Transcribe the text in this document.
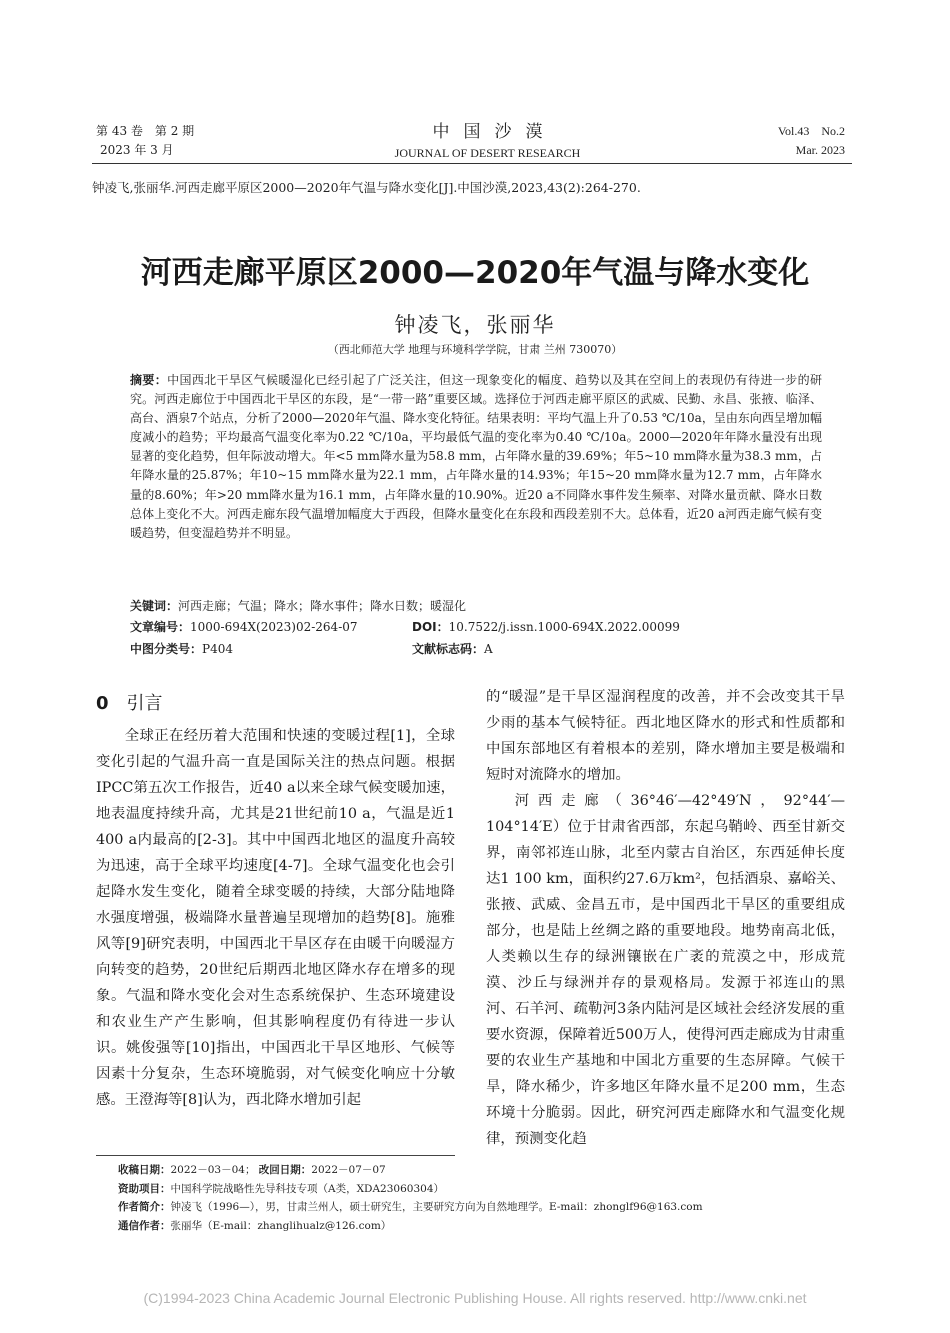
第 43 卷　第 2 期
2023 年 3 月
中国沙漠
JOURNAL OF DESERT RESEARCH
Vol.43　No.2
Mar. 2023
钟凌飞,张丽华.河西走廊平原区2000—2020年气温与降水变化[J].中国沙漠,2023,43(2):264-270.
河西走廊平原区2000—2020年气温与降水变化
钟凌飞，张丽华
（西北师范大学 地理与环境科学学院，甘肃 兰州 730070）
摘要：中国西北干旱区气候暖湿化已经引起了广泛关注，但这一现象变化的幅度、趋势以及其在空间上的表现仍有待进一步的研究。河西走廊位于中国西北干旱区的东段，是“一带一路”重要区域。选择位于河西走廊平原区的武威、民勤、永昌、张掖、临泽、高台、酒泉7个站点，分析了2000—2020年气温、降水变化特征。结果表明：平均气温上升了0.53 ℃/10a，呈由东向西呈增加幅度减小的趋势；平均最高气温变化率为0.22 ℃/10a，平均最低气温的变化率为0.40 ℃/10a。2000—2020年年降水量没有出现显著的变化趋势，但年际波动增大。年<5 mm降水量为58.8 mm，占年降水量的39.69%；年5~10 mm降水量为38.3 mm，占年降水量的25.87%；年10~15 mm降水量为22.1 mm，占年降水量的14.93%；年15~20 mm降水量为12.7 mm，占年降水量的8.60%；年>20 mm降水量为16.1 mm，占年降水量的10.90%。近20 a不同降水事件发生频率、对降水量贡献、降水日数总体上变化不大。河西走廊东段气温增加幅度大于西段，但降水量变化在东段和西段差别不大。总体看，近20 a河西走廊气候有变暖趋势，但变湿趋势并不明显。
关键词：河西走廊；气温；降水；降水事件；降水日数；暖湿化
文章编号：1000-694X(2023)02-264-07	DOI：10.7522/j.issn.1000-694X.2022.00099
中图分类号：P404	文献标志码：A
0 引言

全球正在经历着大范围和快速的变暖过程[1]，全球变化引起的气温升高一直是国际关注的热点问题。根据IPCC第五次工作报告，近40 a以来全球气候变暖加速，地表温度持续升高，尤其是21世纪前10 a，气温是近1 400 a内最高的[2-3]。其中中国西北地区的温度升高较为迅速，高于全球平均速度[4-7]。全球气温变化也会引起降水发生变化，随着全球变暖的持续，大部分陆地降水强度增强，极端降水量普遍呈现增加的趋势[8]。施雅风等[9]研究表明，中国西北干旱区存在由暖干向暖湿方向转变的趋势，20世纪后期西北地区降水存在增多的现象。气温和降水变化会对生态系统保护、生态环境建设和农业生产产生影响，但其影响程度仍有待进一步认识。姚俊强等[10]指出，中国西北干旱区地形、气候等因素十分复杂，生态环境脆弱，对气候变化响应十分敏感。王澄海等[8]认为，西北降水增加引起

的“暖湿”是干旱区湿润程度的改善，并不会改变其干旱少雨的基本气候特征。西北地区降水的形式和性质都和中国东部地区有着根本的差别，降水增加主要是极端和短时对流降水的增加。

河西走廊（36°46′—42°49′N，92°44′—104°14′E）位于甘肃省西部，东起乌鞘岭、西至甘新交界，南邻祁连山脉，北至内蒙古自治区，东西延伸长度达1 100 km，面积约27.6万km²，包括酒泉、嘉峪关、张掖、武威、金昌五市，是中国西北干旱区的重要组成部分，也是陆上丝绸之路的重要地段。地势南高北低，人类赖以生存的绿洲镶嵌在广袤的荒漠之中，形成荒漠、沙丘与绿洲并存的景观格局。发源于祁连山的黑河、石羊河、疏勒河3条内陆河是区域社会经济发展的重要水资源，保障着近500万人，使得河西走廊成为甘肃重要的农业生产基地和中国北方重要的生态屏障。气候干旱，降水稀少，许多地区年降水量不足200 mm，生态环境十分脆弱。因此，研究河西走廊降水和气温变化规律，预测变化趋

收稿日期：2022－03－04； 改回日期：2022－07－07
资助项目：中国科学院战略性先导科技专项（A类，XDA23060304）
作者简介：钟凌飞（1996—），男，甘肃兰州人，硕士研究生，主要研究方向为自然地理学。E-mail：zhonglf96@163.com
通信作者：张丽华（E-mail：zhanglihualz@126.com）
(C)1994-2023 China Academic Journal Electronic Publishing House. All rights reserved. http://www.cnki.net
